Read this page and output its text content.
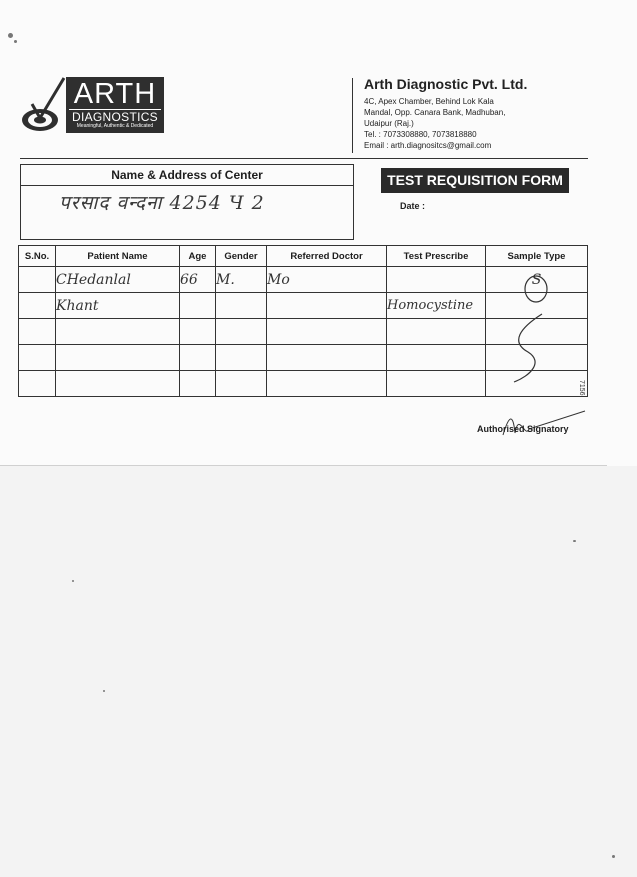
ARTH
DIAGNOSTICS
Meaningful, Authentic & Dedicated
Arth Diagnostic Pvt. Ltd.
4C, Apex Chamber, Behind Lok Kala
Mandal, Opp. Canara Bank, Madhuban,
Udaipur (Raj.)
Tel. : 7073308880, 7073818880
Email : arth.diagnositcs@gmail.com
Name & Address of Center
परसाद वन्दना 4254 Ч 2
TEST REQUISITION FORM
Date :
S.No.	Patient Name	Age	Gender	Referred Doctor	Test Prescribe	Sample Type
	CHedanlal	66	M.	Mo		S
	Khant				Homocystine	

7156
Authorised Signatory
